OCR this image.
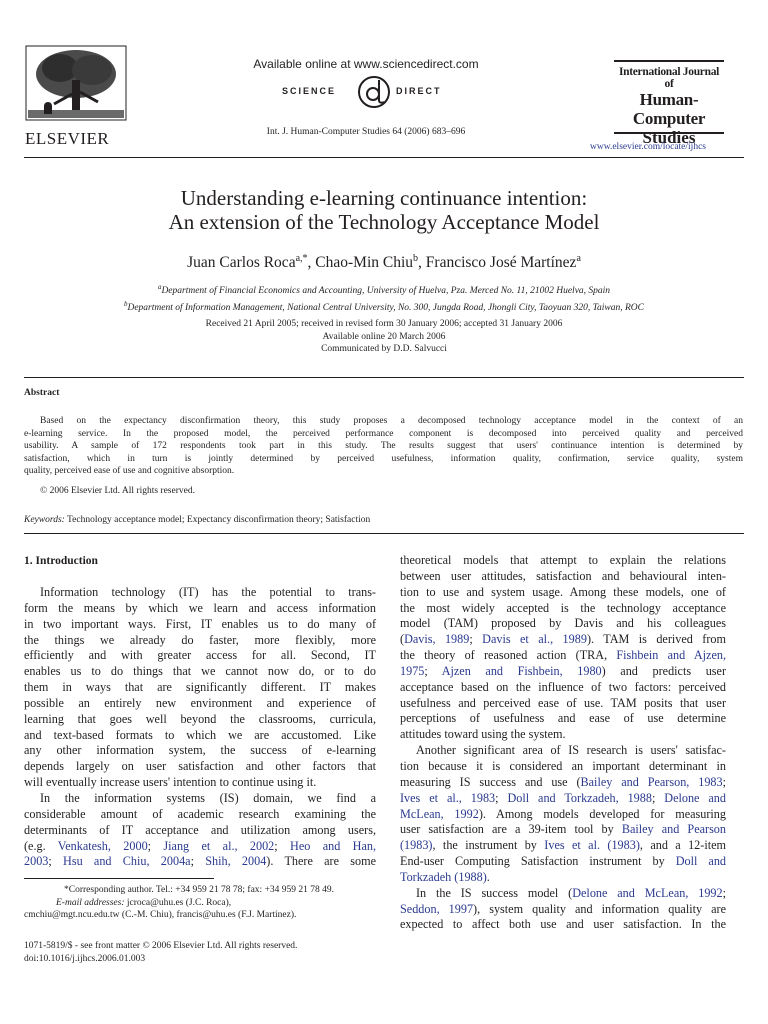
ELSEVIER
Available online at www.sciencedirect.com
SCIENCE	DIRECT
Int. J. Human-Computer Studies 64 (2006) 683–696
International Journal of
Human-Computer
Studies
www.elsevier.com/locate/ijhcs
Understanding e-learning continuance intention:
An extension of the Technology Acceptance Model
Juan Carlos Roca$^{a,*}$, Chao-Min Chiu$^b$, Francisco José Martínez$^a$
$^a$Department of Financial Economics and Accounting, University of Huelva, Pza. Merced No. 11, 21002 Huelva, Spain
$^b$Department of Information Management, National Central University, No. 300, Jungda Road, Jhongli City, Taoyuan 320, Taiwan, ROC
Received 21 April 2005; received in revised form 30 January 2006; accepted 31 January 2006
Available online 20 March 2006
Communicated by D.D. Salvucci
Abstract
Based on the expectancy disconfirmation theory, this study proposes a decomposed technology acceptance model in the context of an
e-learning service. In the proposed model, the perceived performance component is decomposed into perceived quality and perceived
usability. A sample of 172 respondents took part in this study. The results suggest that users' continuance intention is determined by
satisfaction, which in turn is jointly determined by perceived usefulness, information quality, confirmation, service quality, system
quality, perceived ease of use and cognitive absorption.
© 2006 Elsevier Ltd. All rights reserved.
Keywords: Technology acceptance model; Expectancy disconfirmation theory; Satisfaction
1. Introduction
Information technology (IT) has the potential to trans-
form the means by which we learn and access information
in two important ways. First, IT enables us to do many of
the things we already do faster, more flexibly, more
efficiently and with greater access for all. Second, IT
enables us to do things that we cannot now do, or to do
them in ways that are significantly different. IT makes
possible an entirely new environment and experience of
learning that goes well beyond the classrooms, curricula,
and text-based formats to which we are accustomed. Like
any other information system, the success of e-learning
depends largely on user satisfaction and other factors that
will eventually increase users' intention to continue using it.
In the information systems (IS) domain, we find a
considerable amount of academic research examining the
determinants of IT acceptance and utilization among users,
(e.g. Venkatesh, 2000; Jiang et al., 2002; Heo and Han,
2003; Hsu and Chiu, 2004a; Shih, 2004). There are some
theoretical models that attempt to explain the relations
between user attitudes, satisfaction and behavioural inten-
tion to use and system usage. Among these models, one of
the most widely accepted is the technology acceptance
model (TAM) proposed by Davis and his colleagues
(Davis, 1989; Davis et al., 1989). TAM is derived from
the theory of reasoned action (TRA, Fishbein and Ajzen,
1975; Ajzen and Fishbein, 1980) and predicts user
acceptance based on the influence of two factors: perceived
usefulness and perceived ease of use. TAM posits that user
perceptions of usefulness and ease of use determine
attitudes toward using the system.
Another significant area of IS research is users' satisfac-
tion because it is considered an important determinant in
measuring IS success and use (Bailey and Pearson, 1983;
Ives et al., 1983; Doll and Torkzadeh, 1988; Delone and
McLean, 1992). Among models developed for measuring
user satisfaction are a 39-item tool by Bailey and Pearson
(1983), the instrument by Ives et al. (1983), and a 12-item
End-user Computing Satisfaction instrument by Doll and
Torkzadeh (1988).
In the IS success model (Delone and McLean, 1992;
Seddon, 1997), system quality and information quality are
expected to affect both use and user satisfaction. In the
*Corresponding author. Tel.: +34 959 21 78 78; fax: +34 959 21 78 49.
E-mail addresses: jcroca@uhu.es (J.C. Roca),
cmchiu@mgt.ncu.edu.tw (C.-M. Chiu), francis@uhu.es (F.J. Martínez).
1071-5819/$ - see front matter © 2006 Elsevier Ltd. All rights reserved.
doi:10.1016/j.ijhcs.2006.01.003
